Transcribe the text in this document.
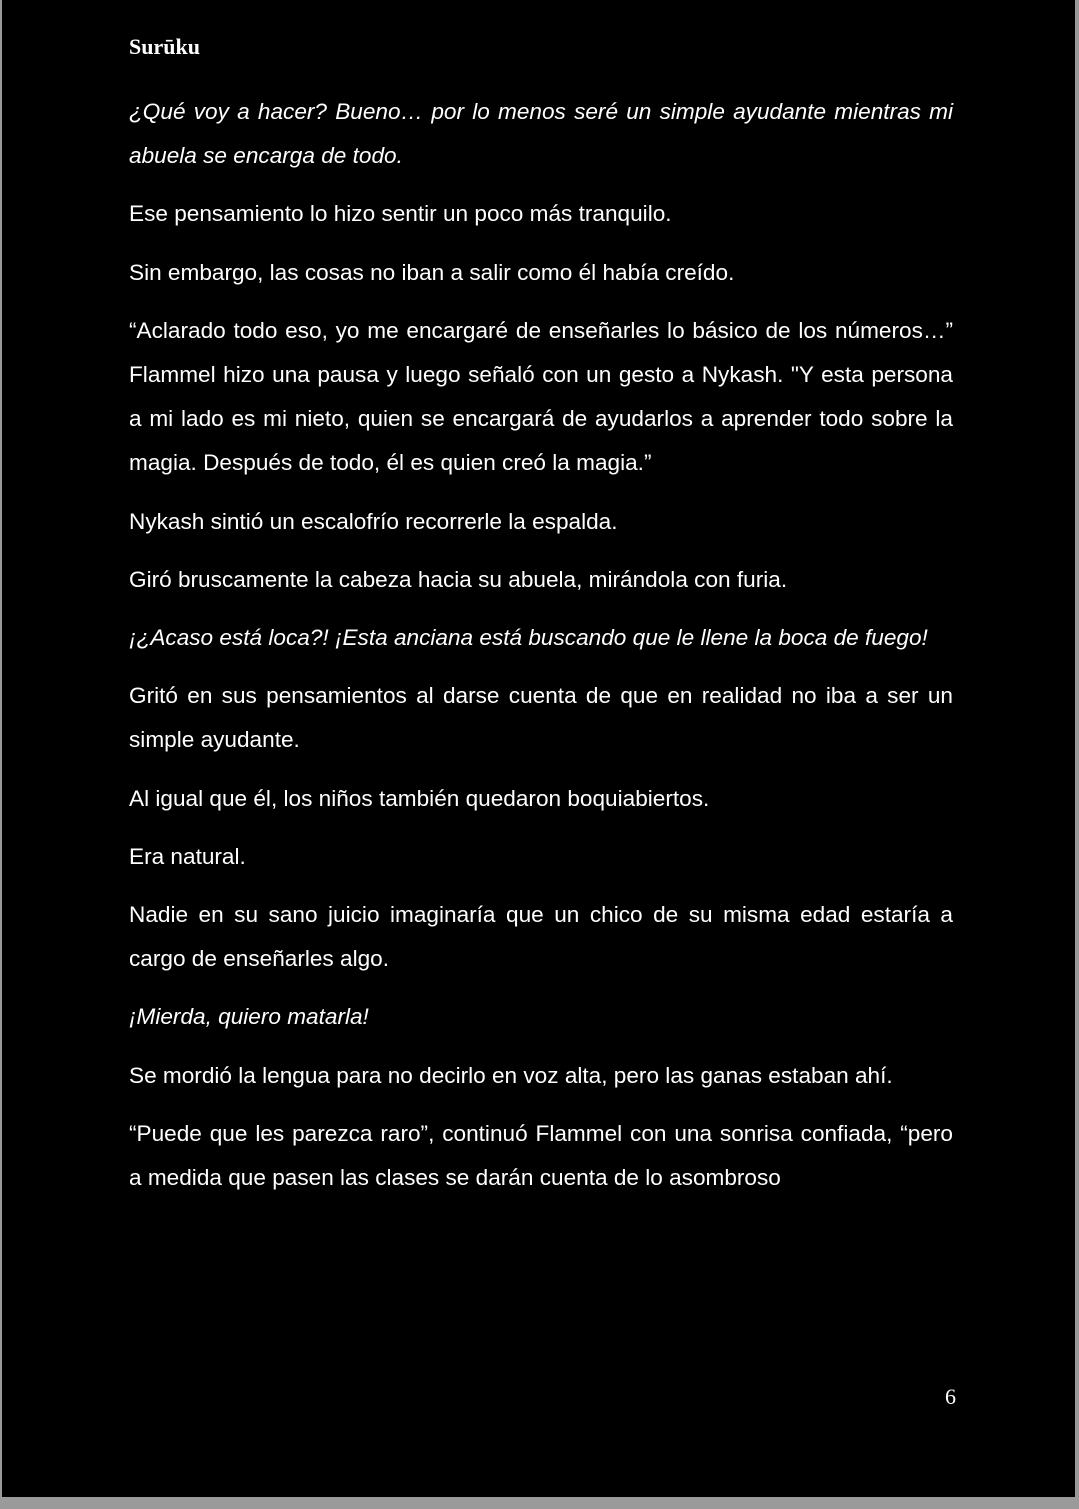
Surūku

¿Qué voy a hacer? Bueno… por lo menos seré un simple ayudante mientras mi abuela se encarga de todo.

Ese pensamiento lo hizo sentir un poco más tranquilo.

Sin embargo, las cosas no iban a salir como él había creído.

“Aclarado todo eso, yo me encargaré de enseñarles lo básico de los números…” Flammel hizo una pausa y luego señaló con un gesto a Nykash. "Y esta persona a mi lado es mi nieto, quien se encargará de ayudarlos a aprender todo sobre la magia. Después de todo, él es quien creó la magia.”

Nykash sintió un escalofrío recorrerle la espalda.

Giró bruscamente la cabeza hacia su abuela, mirándola con furia.

¡¿Acaso está loca?! ¡Esta anciana está buscando que le llene la boca de fuego!

Gritó en sus pensamientos al darse cuenta de que en realidad no iba a ser un simple ayudante.

Al igual que él, los niños también quedaron boquiabiertos.

Era natural.

Nadie en su sano juicio imaginaría que un chico de su misma edad estaría a cargo de enseñarles algo.

¡Mierda, quiero matarla!

Se mordió la lengua para no decirlo en voz alta, pero las ganas estaban ahí.

“Puede que les parezca raro”, continuó Flammel con una sonrisa confiada, “pero a medida que pasen las clases se darán cuenta de lo asombroso

6
